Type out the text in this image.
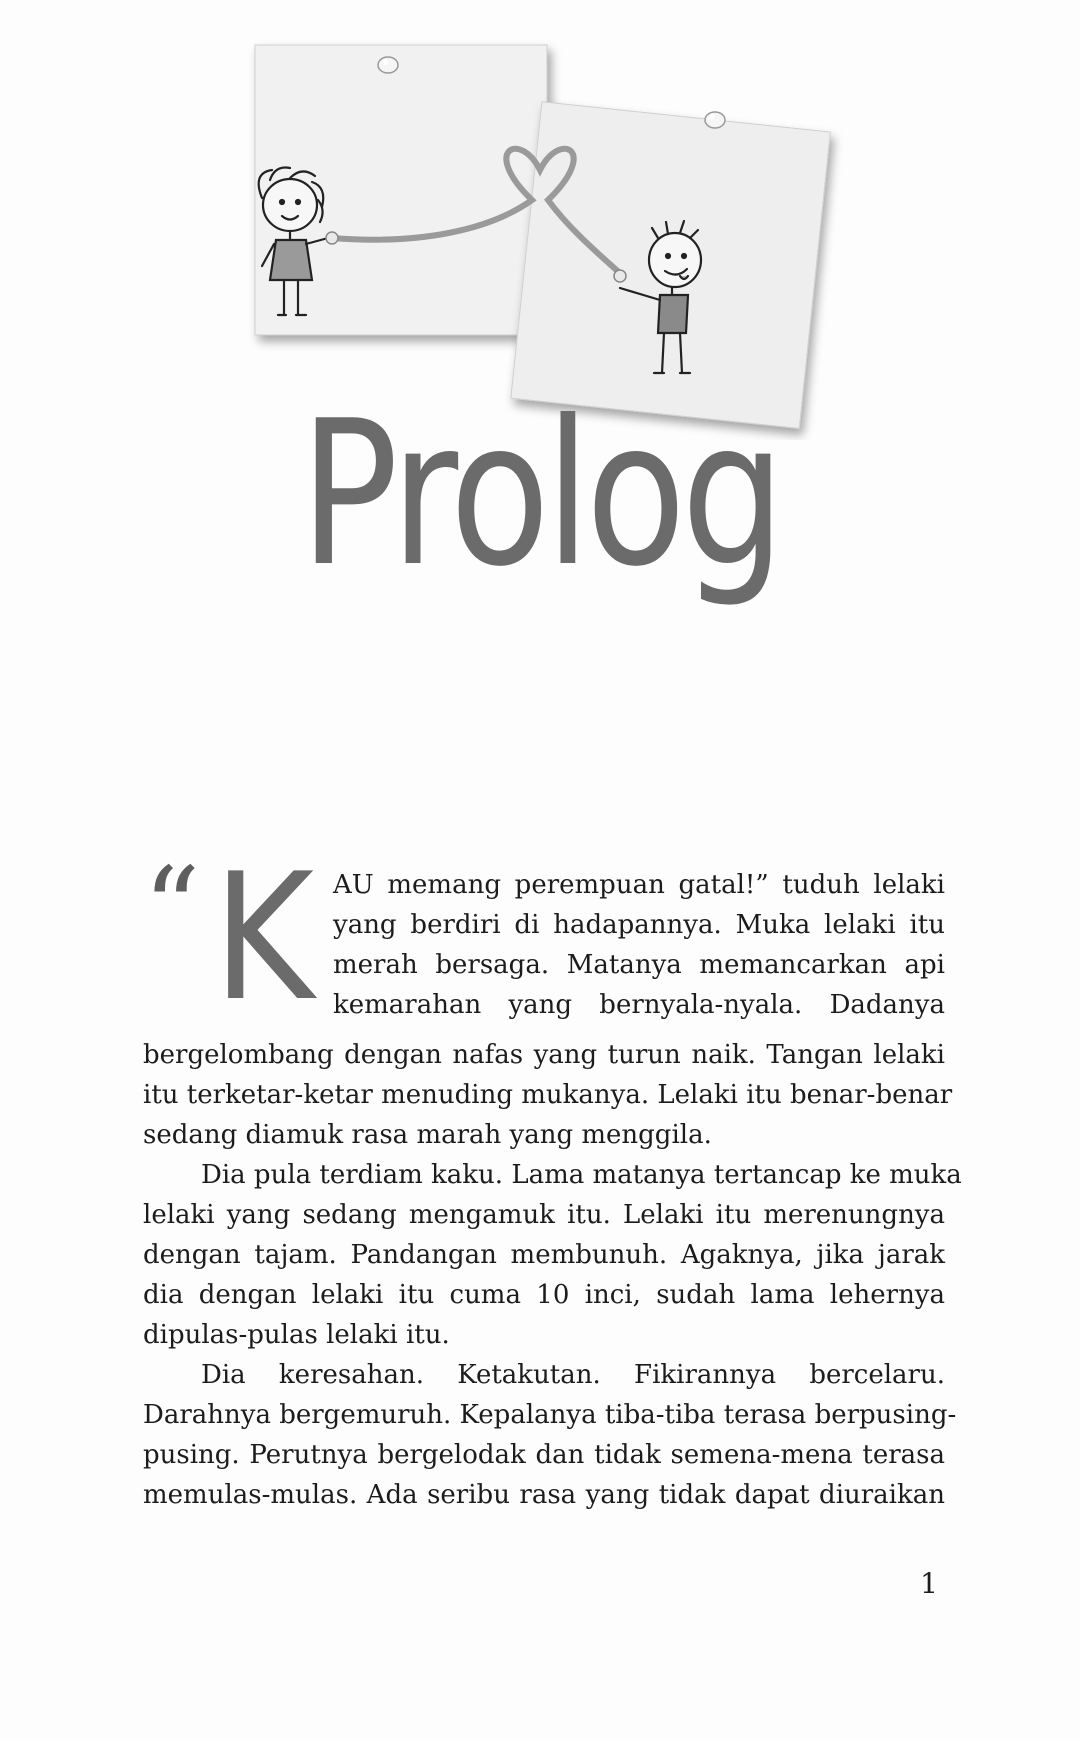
Prolog
“ K AU memang perempuan gatal!” tuduh lelaki
yang berdiri di hadapannya. Muka lelaki itu
merah bersaga. Matanya memancarkan api
kemarahan yang bernyala-nyala. Dadanya
bergelombang dengan nafas yang turun naik. Tangan lelaki
itu terketar-ketar menuding mukanya. Lelaki itu benar-benar
sedang diamuk rasa marah yang menggila.
Dia pula terdiam kaku. Lama matanya tertancap ke muka
lelaki yang sedang mengamuk itu. Lelaki itu merenungnya
dengan tajam. Pandangan membunuh. Agaknya, jika jarak
dia dengan lelaki itu cuma 10 inci, sudah lama lehernya
dipulas-pulas lelaki itu.
Dia keresahan. Ketakutan. Fikirannya bercelaru.
Darahnya bergemuruh. Kepalanya tiba-tiba terasa berpusing-
pusing. Perutnya bergelodak dan tidak semena-mena terasa
memulas-mulas. Ada seribu rasa yang tidak dapat diuraikan
1
